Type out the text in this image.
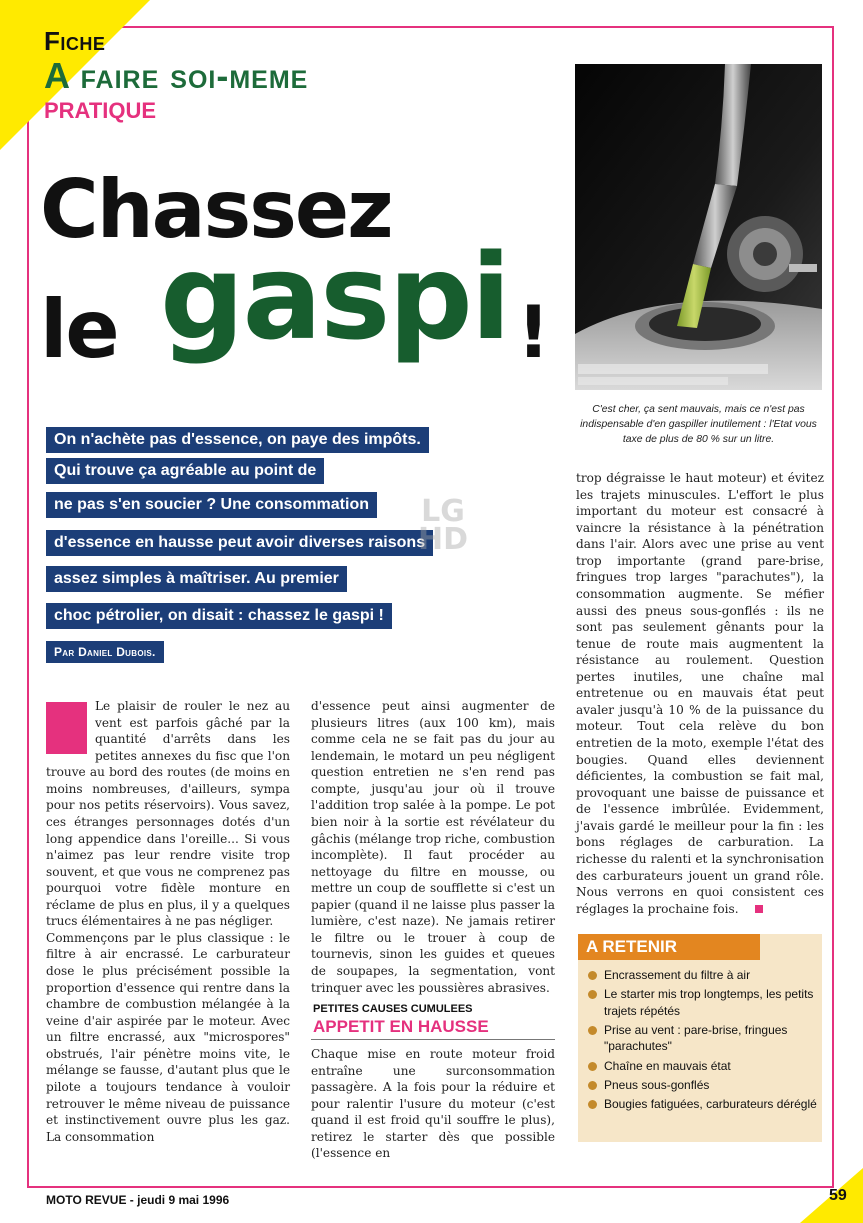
Fiche
A faire soi-meme
PRATIQUE
Chassez
le gaspi !
C'est cher, ça sent mauvais, mais ce n'est pas indispensable d'en gaspiller inutilement : l'Etat vous taxe de plus de 80 % sur un litre.
On n'achète pas d'essence, on paye des impôts.
Qui trouve ça agréable au point de
ne pas s'en soucier ? Une consommation
d'essence en hausse peut avoir diverses raisons
assez simples à maîtriser. Au premier
choc pétrolier, on disait : chassez le gaspi !
Par Daniel Dubois.
LG
HD

Le plaisir de rouler le nez au vent est parfois gâché par la quantité d'arrêts dans les petites annexes du fisc que l'on trouve au bord des routes (de moins en moins nombreuses, d'ailleurs, sympa pour nos petits réservoirs). Vous savez, ces étranges personnages dotés d'un long appendice dans l'oreille... Si vous n'aimez pas leur rendre visite trop souvent, et que vous ne comprenez pas pourquoi votre fidèle monture en réclame de plus en plus, il y a quelques trucs élémentaires à ne pas négliger.

Commençons par le plus classique : le filtre à air encrassé. Le carburateur dose le plus précisément possible la proportion d'essence qui rentre dans la chambre de combustion mélangée à la veine d'air aspirée par le moteur. Avec un filtre encrassé, aux "microspores" obstrués, l'air pénètre moins vite, le mélange se fausse, d'autant plus que le pilote a toujours tendance à vouloir retrouver le même niveau de puissance et instinctivement ouvre plus les gaz. La consommation

d'essence peut ainsi augmenter de plusieurs litres (aux 100 km), mais comme cela ne se fait pas du jour au lendemain, le motard un peu négligent question entretien ne s'en rend pas compte, jusqu'au jour où il trouve l'addition trop salée à la pompe. Le pot bien noir à la sortie est révélateur du gâchis (mélange trop riche, combustion incomplète). Il faut procéder au nettoyage du filtre en mousse, ou mettre un coup de soufflette si c'est un papier (quand il ne laisse plus passer la lumière, c'est naze). Ne jamais retirer le filtre ou le trouer à coup de tournevis, sinon les guides et queues de soupapes, la segmentation, vont trinquer avec les poussières abrasives.

PETITES CAUSES CUMULEES
APPETIT EN HAUSSE

Chaque mise en route moteur froid entraîne une surconsommation passagère. A la fois pour la réduire et pour ralentir l'usure du moteur (c'est quand il est froid qu'il souffre le plus), retirez le starter dès que possible (l'essence en

trop dégraisse le haut moteur) et évitez les trajets minuscules. L'effort le plus important du moteur est consacré à vaincre la résistance à la pénétration dans l'air. Alors avec une prise au vent trop importante (grand pare-brise, fringues trop larges "parachutes"), la consommation augmente. Se méfier aussi des pneus sous-gonflés : ils ne sont pas seulement gênants pour la tenue de route mais augmentent la résistance au roulement. Question pertes inutiles, une chaîne mal entretenue ou en mauvais état peut avaler jusqu'à 10 % de la puissance du moteur. Tout cela relève du bon entretien de la moto, exemple l'état des bougies. Quand elles deviennent déficientes, la combustion se fait mal, provoquant une baisse de puissance et de l'essence imbrûlée. Evidemment, j'avais gardé le meilleur pour la fin : les bons réglages de carburation. La richesse du ralenti et la synchronisation des carburateurs jouent un grand rôle. Nous verrons en quoi consistent ces réglages la prochaine fois.

A RETENIR
Encrassement du filtre à air
Le starter mis trop longtemps, les petits trajets répétés
Prise au vent : pare-brise, fringues "parachutes"
Chaîne en mauvais état
Pneus sous-gonflés
Bougies fatiguées, carburateurs déréglé
MOTO REVUE - jeudi 9 mai 1996	59
